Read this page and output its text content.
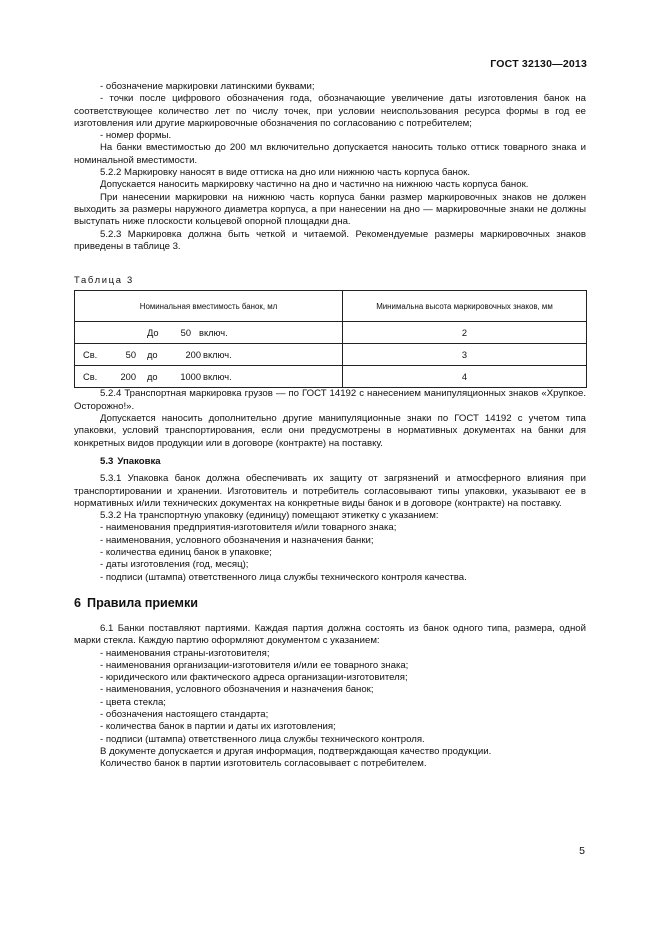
ГОСТ 32130—2013

- обозначение маркировки латинскими буквами;

- точки после цифрового обозначения года, обозначающие увеличение даты изготовления банок на соответствующее количество лет по числу точек, при условии неиспользования ресурса формы в год ее изготовления или другие маркировочные обозначения по согласованию с потребителем;

- номер формы.

На банки вместимостью до 200 мл включительно допускается наносить только оттиск товарного знака и номинальной вместимости.

5.2.2 Маркировку наносят в виде оттиска на дно или нижнюю часть корпуса банок.

Допускается наносить маркировку частично на дно и частично на нижнюю часть корпуса банок.

При нанесении маркировки на нижнюю часть корпуса банки размер маркировочных знаков не должен выходить за размеры наружного диаметра корпуса, а при нанесении на дно — маркировочные знаки не должны выступать ниже плоскости кольцевой опорной площадки дна.

5.2.3 Маркировка должна быть четкой и читаемой. Рекомендуемые размеры маркировочных знаков приведены в таблице 3.

Таблица 3
Номинальная вместимость банок, мл	Минимальна высота маркировочных знаков, мм

До 50 включ.	2

Св. 50 до 200 включ.	3

Св. 200 до 1000 включ.	4

5.2.4 Транспортная маркировка грузов — по ГОСТ 14192 с нанесением манипуляционных знаков «Хрупкое. Осторожно!».

Допускается наносить дополнительно другие манипуляционные знаки по ГОСТ 14192 с учетом типа упаковки, условий транспортирования, если они предусмотрены в нормативных документах на банки для конкретных видов продукции или в договоре (контракте) на поставку.

5.3 Упаковка

5.3.1 Упаковка банок должна обеспечивать их защиту от загрязнений и атмосферного влияния при транспортировании и хранении. Изготовитель и потребитель согласовывают типы упаковки, указывают ее в нормативных и/или технических документах на конкретные виды банок и в договоре (контракте) на поставку.

5.3.2 На транспортную упаковку (единицу) помещают этикетку с указанием:

- наименования предприятия-изготовителя и/или товарного знака;

- наименования, условного обозначения и назначения банки;

- количества единиц банок в упаковке;

- даты изготовления (год, месяц);

- подписи (штампа) ответственного лица службы технического контроля качества.

6 Правила приемки

6.1 Банки поставляют партиями. Каждая партия должна состоять из банок одного типа, размера, одной марки стекла. Каждую партию оформляют документом с указанием:

- наименования страны-изготовителя;

- наименования организации-изготовителя и/или ее товарного знака;

- юридического или фактического адреса организации-изготовителя;

- наименования, условного обозначения и назначения банок;

- цвета стекла;

- обозначения настоящего стандарта;

- количества банок в партии и даты их изготовления;

- подписи (штампа) ответственного лица службы технического контроля.

В документе допускается и другая информация, подтверждающая качество продукции.

Количество банок в партии изготовитель согласовывает с потребителем.

5
